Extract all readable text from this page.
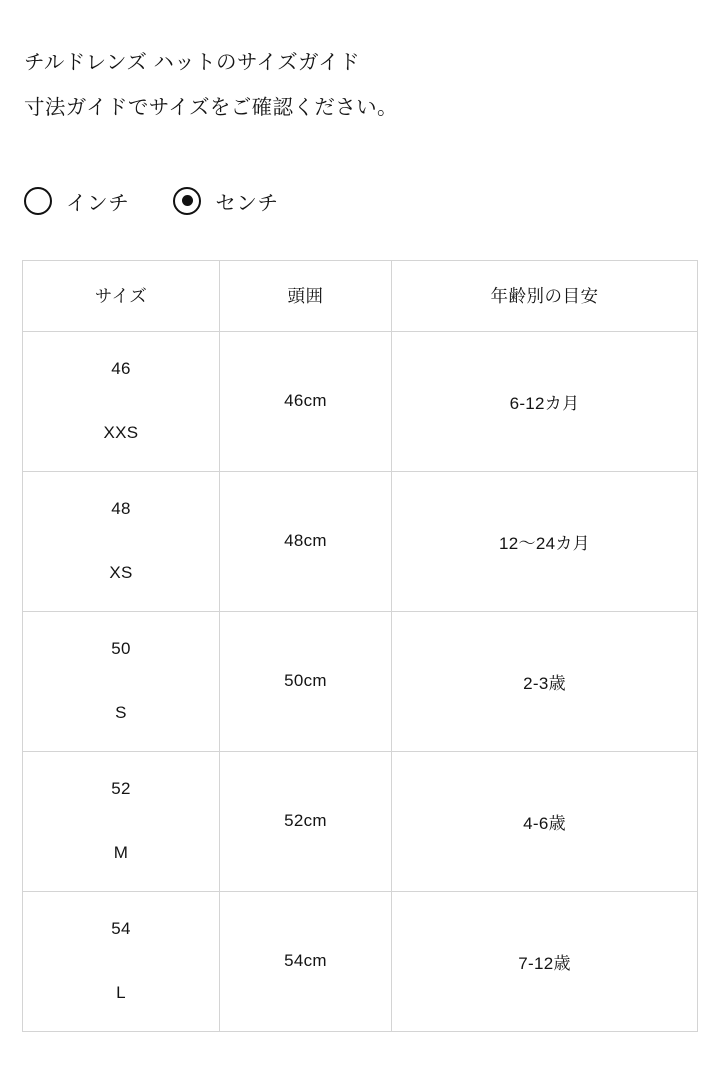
チルドレンズ ハットのサイズガイド

寸法ガイドでサイズをご確認ください。

インチ	センチ
サイズ	頭囲	年齢別の目安

46
XXS	46cm	6-12カ月

48
XS	48cm	12〜24カ月

50
S	50cm	2-3歳

52
M	52cm	4-6歳

54
L	54cm	7-12歳
